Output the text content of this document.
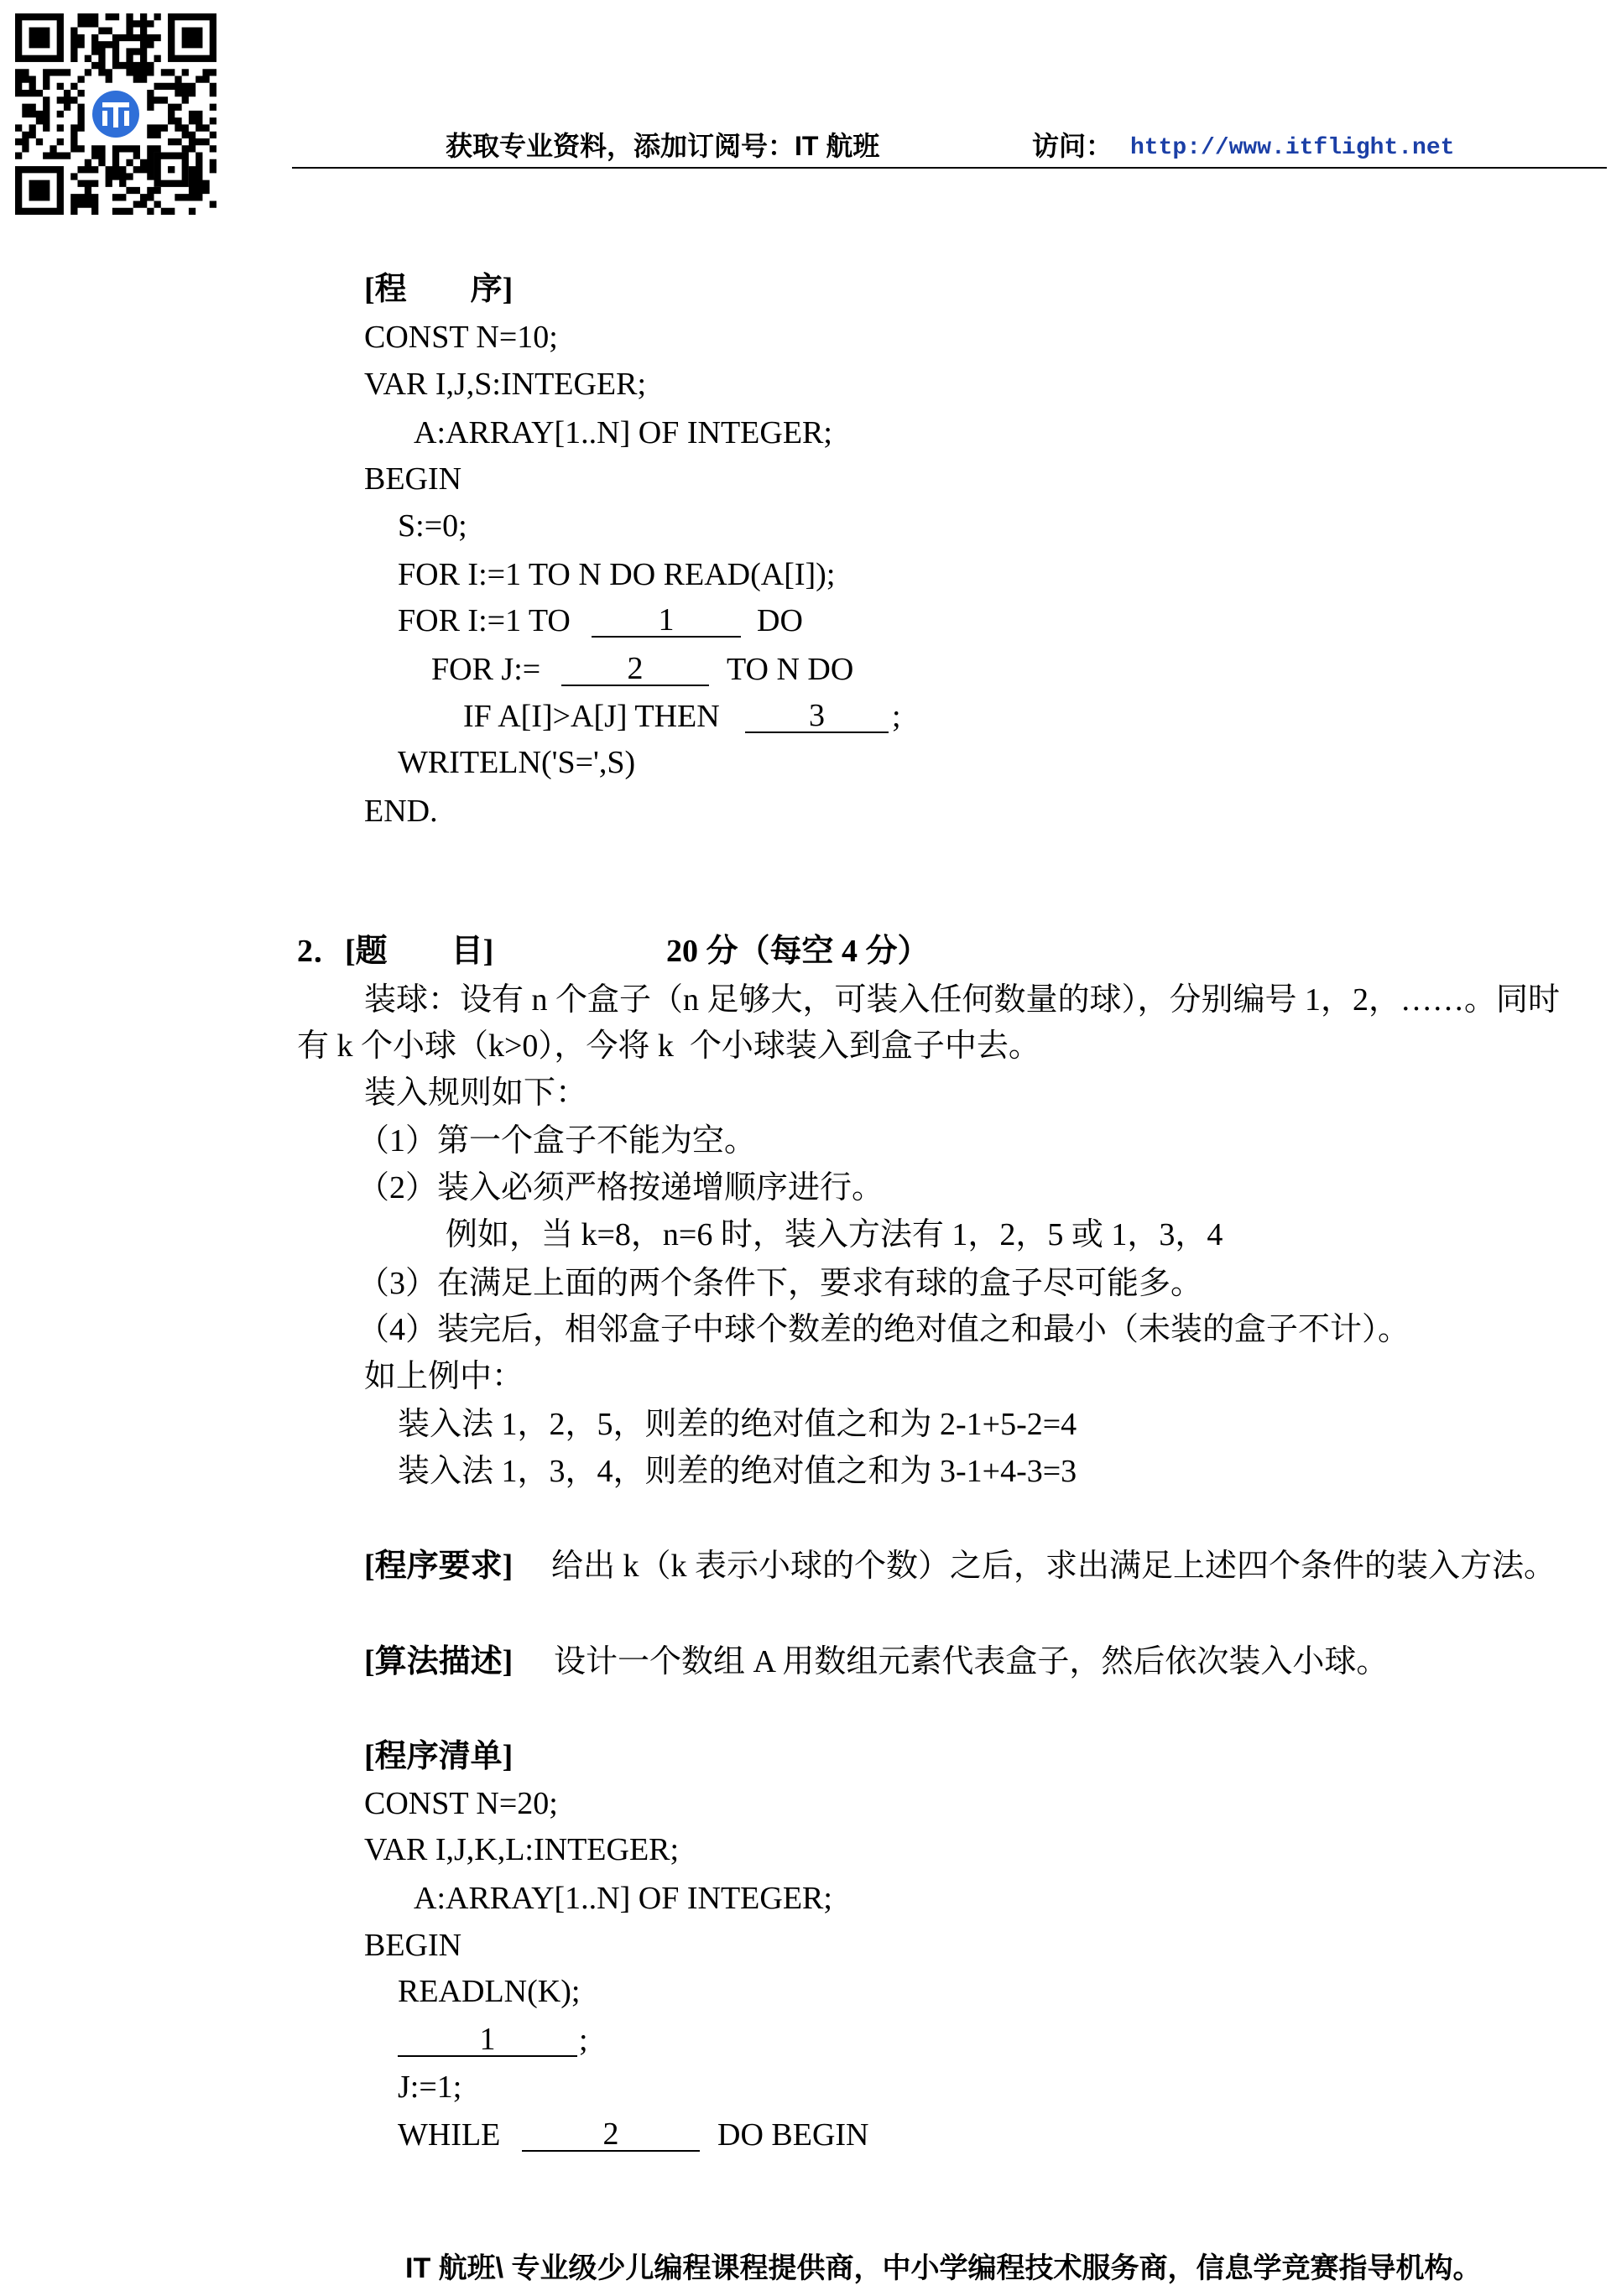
获取专业资料，添加订阅号：IT 航班	访问： http://www.itflight.net
[程　　序]
CONST N=10;
VAR I,J,S:INTEGER;
A:ARRAY[1..N] OF INTEGER;
BEGIN
S:=0;
FOR I:=1 TO N DO READ(A[I]);

FOR I:=1 TO

	1

	DO

FOR J:=

	2

	TO N DO

IF A[I]>A[J] THEN

	3

	;

WRITELN('S=',S)
END.
2．[题　　目]	20 分（每空 4 分）
装球：设有 n 个盒子（n 足够大，可装入任何数量的球），分别编号 1，2，……。同时
有 k 个小球（k>0），今将 k  个小球装入到盒子中去。
装入规则如下：
（1）第一个盒子不能为空。
（2）装入必须严格按递增顺序进行。
例如，当 k=8，n=6 时，装入方法有 1，2，5 或 1，3，4
（3）在满足上面的两个条件下，要求有球的盒子尽可能多。
（4）装完后，相邻盒子中球个数差的绝对值之和最小（未装的盒子不计）。
如上例中：
装入法 1，2，5，则差的绝对值之和为 2-1+5-2=4
装入法 1，3，4，则差的绝对值之和为 3-1+4-3=3
[程序要求] 给出 k（k 表示小球的个数）之后，求出满足上述四个条件的装入方法。
[算法描述] 设计一个数组 A 用数组元素代表盒子，然后依次装入小球。
[程序清单]
CONST N=20;
VAR I,J,K,L:INTEGER;
A:ARRAY[1..N] OF INTEGER;
BEGIN
READLN(K);

1

	;

J:=1;

WHILE

	2

	DO BEGIN

IT 航班\ 专业级少儿编程课程提供商，中小学编程技术服务商，信息学竞赛指导机构。
